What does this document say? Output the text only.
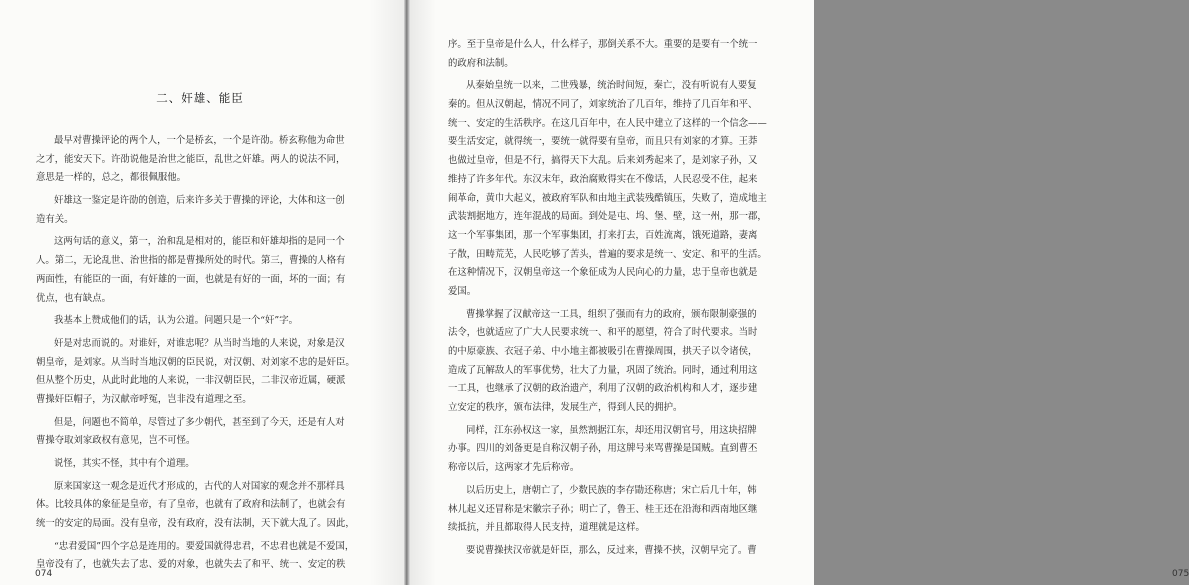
二、奸雄、能臣
最早对曹操评论的两个人，一个是桥玄，一个是许劭。桥玄称他为命世
之才，能安天下。许劭说他是治世之能臣，乱世之奸雄。两人的说法不同，
意思是一样的，总之，都很佩服他。
奸雄这一鉴定是许劭的创造，后来许多关于曹操的评论，大体和这一创
造有关。
这两句话的意义，第一，治和乱是相对的，能臣和奸雄却指的是同一个
人。第二，无论乱世、治世指的都是曹操所处的时代。第三，曹操的人格有
两面性，有能臣的一面，有奸雄的一面，也就是有好的一面，坏的一面；有
优点，也有缺点。
我基本上赞成他们的话，认为公道。问题只是一个“奸”字。
奸是对忠而说的。对谁奸，对谁忠呢？从当时当地的人来说，对象是汉
朝皇帝，是刘家。从当时当地汉朝的臣民说，对汉朝、对刘家不忠的是奸臣。
但从整个历史，从此时此地的人来说，一非汉朝臣民，二非汉帝近属，硬派
曹操奸臣帽子，为汉献帝呼冤，岂非没有道理之至。
但是，问题也不简单，尽管过了多少朝代，甚至到了今天，还是有人对
曹操夺取刘家政权有意见，岂不可怪。
说怪，其实不怪，其中有个道理。
原来国家这一观念是近代才形成的，古代的人对国家的观念并不那样具
体。比较具体的象征是皇帝，有了皇帝，也就有了政府和法制了，也就会有
统一的安定的局面。没有皇帝，没有政府，没有法制，天下就大乱了。因此，
“忠君爱国”四个字总是连用的。要爱国就得忠君，不忠君也就是不爱国，
皇帝没有了，也就失去了忠、爱的对象，也就失去了和平、统一、安定的秩
074	075
序。至于皇帝是什么人，什么样子，那倒关系不大。重要的是要有一个统一
的政府和法制。
从秦始皇统一以来，二世残暴，统治时间短，秦亡，没有听说有人要复
秦的。但从汉朝起，情况不同了，刘家统治了几百年，维持了几百年和平、
统一、安定的生活秩序。在这几百年中，在人民中建立了这样的一个信念——
要生活安定，就得统一，要统一就得要有皇帝，而且只有刘家的才算。王莽
也做过皇帝，但是不行，搞得天下大乱。后来刘秀起来了，是刘家子孙，又
维持了许多年代。东汉末年，政治腐败得实在不像话，人民忍受不住，起来
闹革命，黄巾大起义，被政府军队和由地主武装残酷镇压，失败了，造成地主
武装割据地方，连年混战的局面。到处是屯、坞、堡、壁，这一州，那一郡，
这一个军事集团，那一个军事集团，打来打去，百姓流离，饿死道路，妻离
子散，田畴荒芜，人民吃够了苦头，普遍的要求是统一、安定、和平的生活。
在这种情况下，汉朝皇帝这一个象征成为人民向心的力量，忠于皇帝也就是
爱国。
曹操掌握了汉献帝这一工具，组织了强而有力的政府，颁布限制豪强的
法令，也就适应了广大人民要求统一、和平的愿望，符合了时代要求。当时
的中原豪族、衣冠子弟、中小地主都被吸引在曹操周围，拱天子以令诸侯，
造成了瓦解敌人的军事优势，壮大了力量，巩固了统治。同时，通过利用这
一工具，也继承了汉朝的政治遗产，利用了汉朝的政治机构和人才，逐步建
立安定的秩序，颁布法律，发展生产，得到人民的拥护。
同样，江东孙权这一家，虽然割据江东，却还用汉朝官号，用这块招牌
办事。四川的刘备更是自称汉朝子孙，用这牌号来骂曹操是国贼。直到曹丕
称帝以后，这两家才先后称帝。
以后历史上，唐朝亡了，少数民族的李存勖还称唐；宋亡后几十年，韩
林儿起义还冒称是宋徽宗子孙；明亡了，鲁王、桂王还在沿海和西南地区继
续抵抗，并且都取得人民支持，道理就是这样。
要说曹操挟汉帝就是奸臣，那么，反过来，曹操不挟，汉朝早完了。曹
